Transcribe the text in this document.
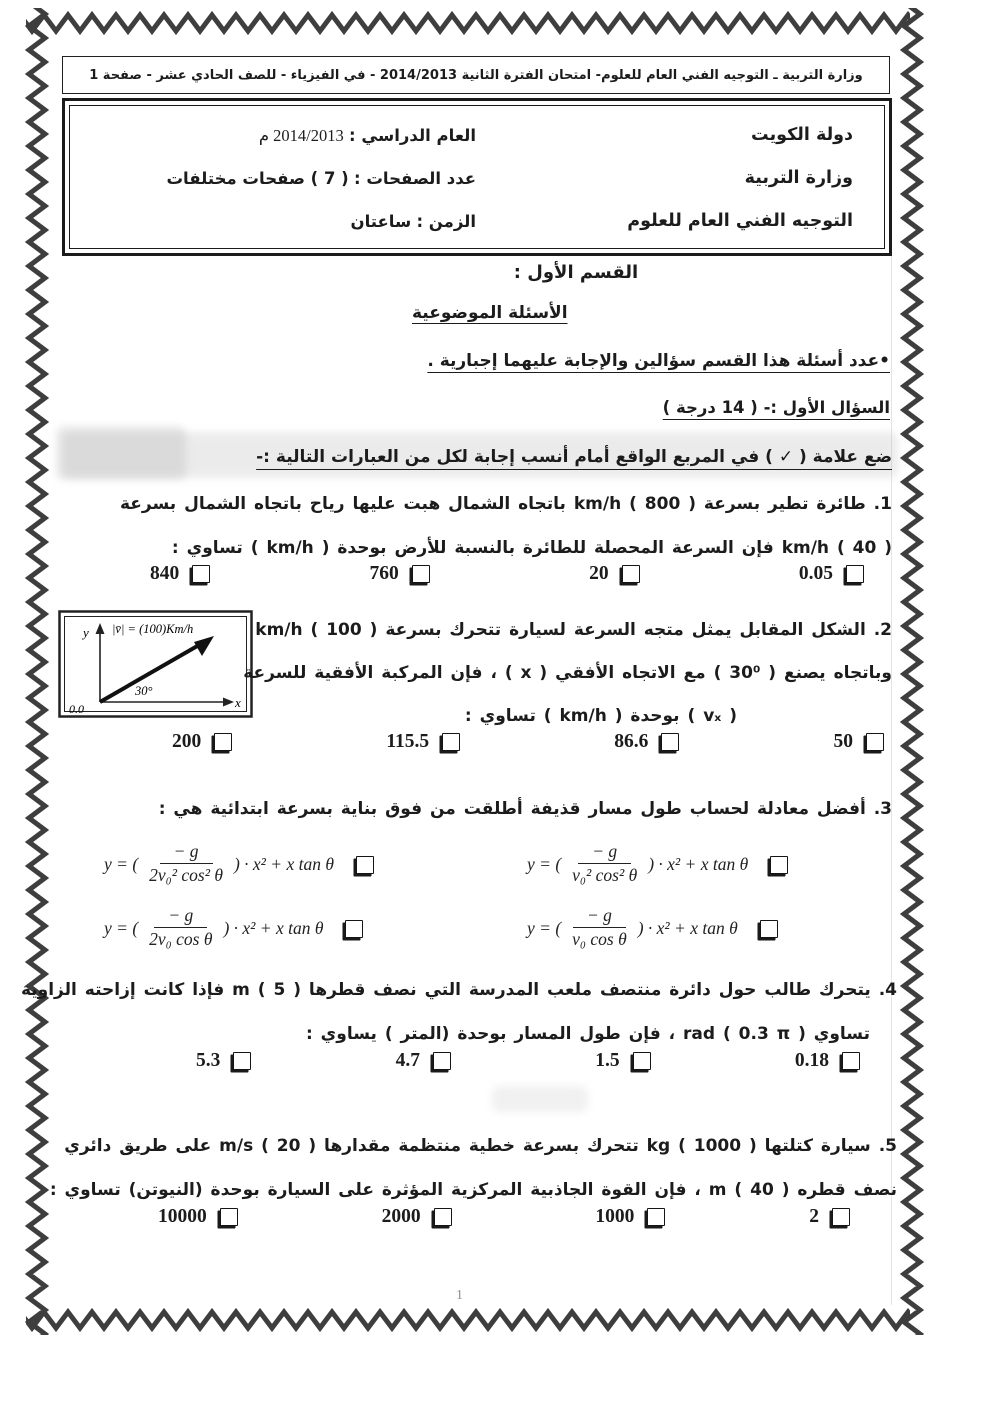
وزارة التربية ـ التوجيه الفني العام للعلوم- امتحان الفترة الثانية 2014/2013 - في الفيزياء - للصف الحادي عشر - صفحة 1
دولة الكويت
وزارة التربية
التوجيه الفني العام للعلوم
العام الدراسي : 2014/2013 م
عدد الصفحات : ( 7 ) صفحات مختلفات
الزمن : ساعتان
القسم الأول :
الأسئلة الموضوعية
•عدد أسئلة هذا القسم سؤالين والإجابة عليهما إجبارية .
السؤال الأول :- ( 14 درجة )
ضع علامة ( ✓ ) في المربع الواقع أمام أنسب إجابة لكل من العبارات التالية :-
1. طائرة تطير بسرعة km/h ( 800 ) باتجاه الشمال هبت عليها رياح باتجاه الشمال بسرعة
km/h ( 40 ) فإن السرعة المحصلة للطائرة بالنسبة للأرض بوحدة ( km/h ) تساوي :
840	760	20	0.05
y |v̄| = (100)Km/h
30°
0.0	x
2. الشكل المقابل يمثل متجه السرعة لسيارة تتحرك بسرعة km/h ( 100 )
وباتجاه يصنع ( 30⁰ ) مع الاتجاه الأفقي ( x ) ، فإن المركبة الأفقية للسرعة
( vₓ ) بوحدة ( km/h ) تساوي :
200	115.5	86.6	50
3. أفضل معادلة لحساب طول مسار قذيفة أطلقت من فوق بناية بسرعة ابتدائية هي :
y = ( $\frac{- g}{\text{2v₀² cos² θ}}$ ) · x² + x tan θ	y = ( $\frac{- g}{\text{v₀² cos² θ}}$ ) · x² + x tan θ
y = ( $\frac{- g}{\text{2v₀ cos θ}}$ ) · x² + x tan θ	y = ( $\frac{- g}{\text{v₀ cos θ}}$ ) · x² + x tan θ
4. يتحرك طالب حول دائرة منتصف ملعب المدرسة التي نصف قطرها m ( 5 ) فإذا كانت إزاحته الزاوية
تساوي rad ( 0.3 π ) ، فإن طول المسار بوحدة (المتر ) يساوي :
5.3	4.7	1.5	0.18
5. سيارة كتلتها kg ( 1000 ) تتحرك بسرعة خطية منتظمة مقدارها m/s ( 20 ) على طريق دائري
نصف قطره m ( 40 ) ، فإن القوة الجاذبية المركزية المؤثرة على السيارة بوحدة (النيوتن) تساوي :
10000	2000	1000	2
1
